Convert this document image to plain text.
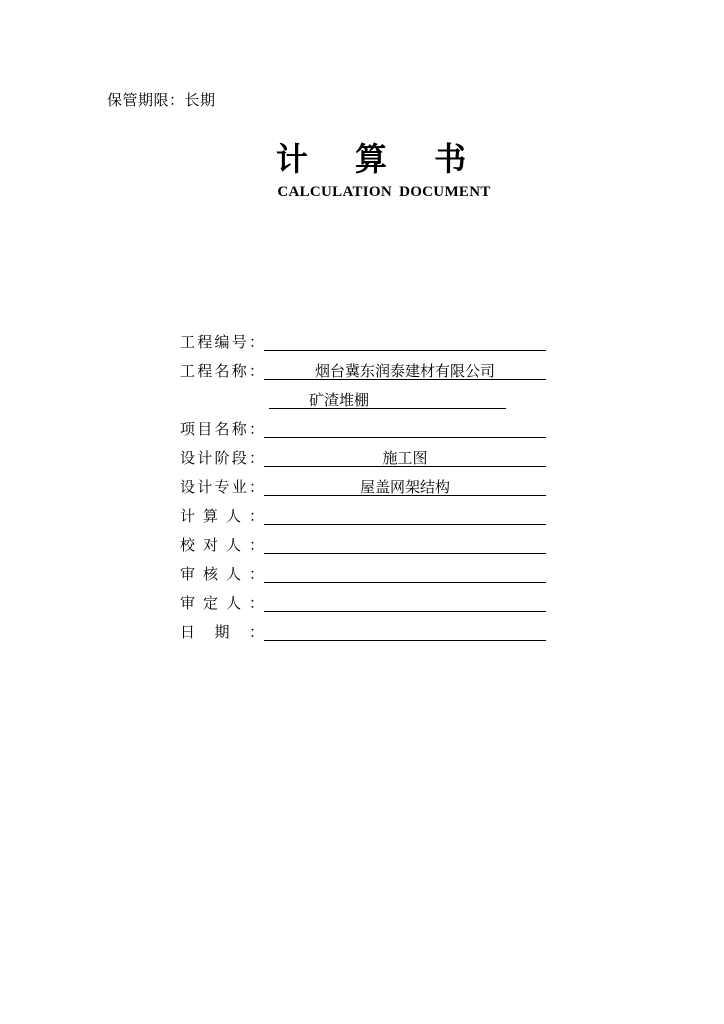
保管期限：长期
计 算 书
CALCULATION DOCUMENT
工 程 编 号 ：
工 程 名 称 ：	烟台冀东润泰建材有限公司
矿渣堆棚
项 目 名 称 ：
设 计 阶 段 ：	施工图
设 计 专 业 ：	屋盖网架结构
计 算 人 ：
校 对 人 ：
审 核 人 ：
审 定 人 ：
日 期 ：
